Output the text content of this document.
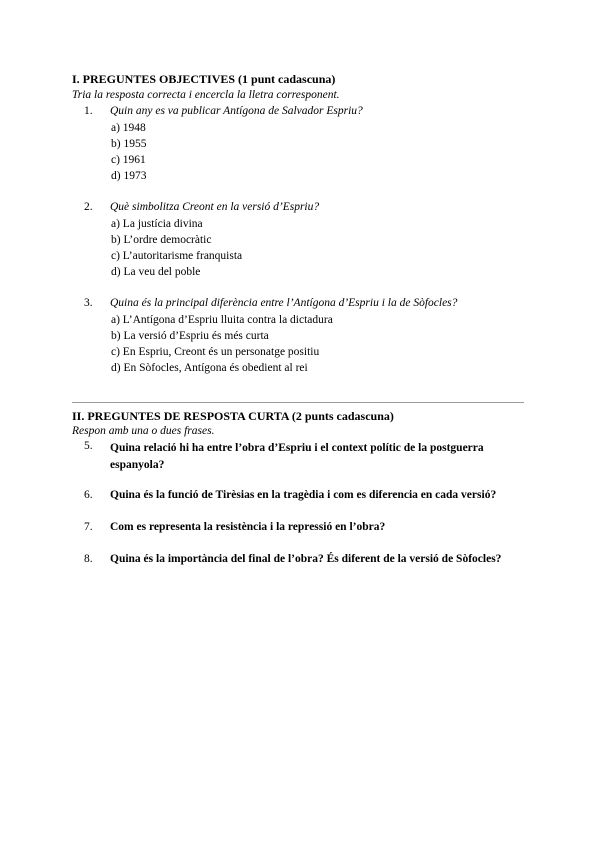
I. PREGUNTES OBJECTIVES (1 punt cadascuna)
Tria la resposta correcta i encercla la lletra corresponent.
1.	Quin any es va publicar Antígona de Salvador Espriu?
a) 1948
b) 1955
c) 1961
d) 1973
2.	Què simbolitza Creont en la versió d’Espriu?
a) La justícia divina
b) L’ordre democràtic
c) L’autoritarisme franquista
d) La veu del poble
3.	Quina és la principal diferència entre l’Antígona d’Espriu i la de Sòfocles?
a) L’Antígona d’Espriu lluita contra la dictadura
b) La versió d’Espriu és més curta
c) En Espriu, Creont és un personatge positiu
d) En Sòfocles, Antígona és obedient al rei
II. PREGUNTES DE RESPOSTA CURTA (2 punts cadascuna)
Respon amb una o dues frases.
5.	Quina relació hi ha entre l’obra d’Espriu i el context polític de la postguerra espanyola?
6.	Quina és la funció de Tirèsias en la tragèdia i com es diferencia en cada versió?
7.	Com es representa la resistència i la repressió en l’obra?
8.	Quina és la importància del final de l’obra? És diferent de la versió de Sòfocles?
